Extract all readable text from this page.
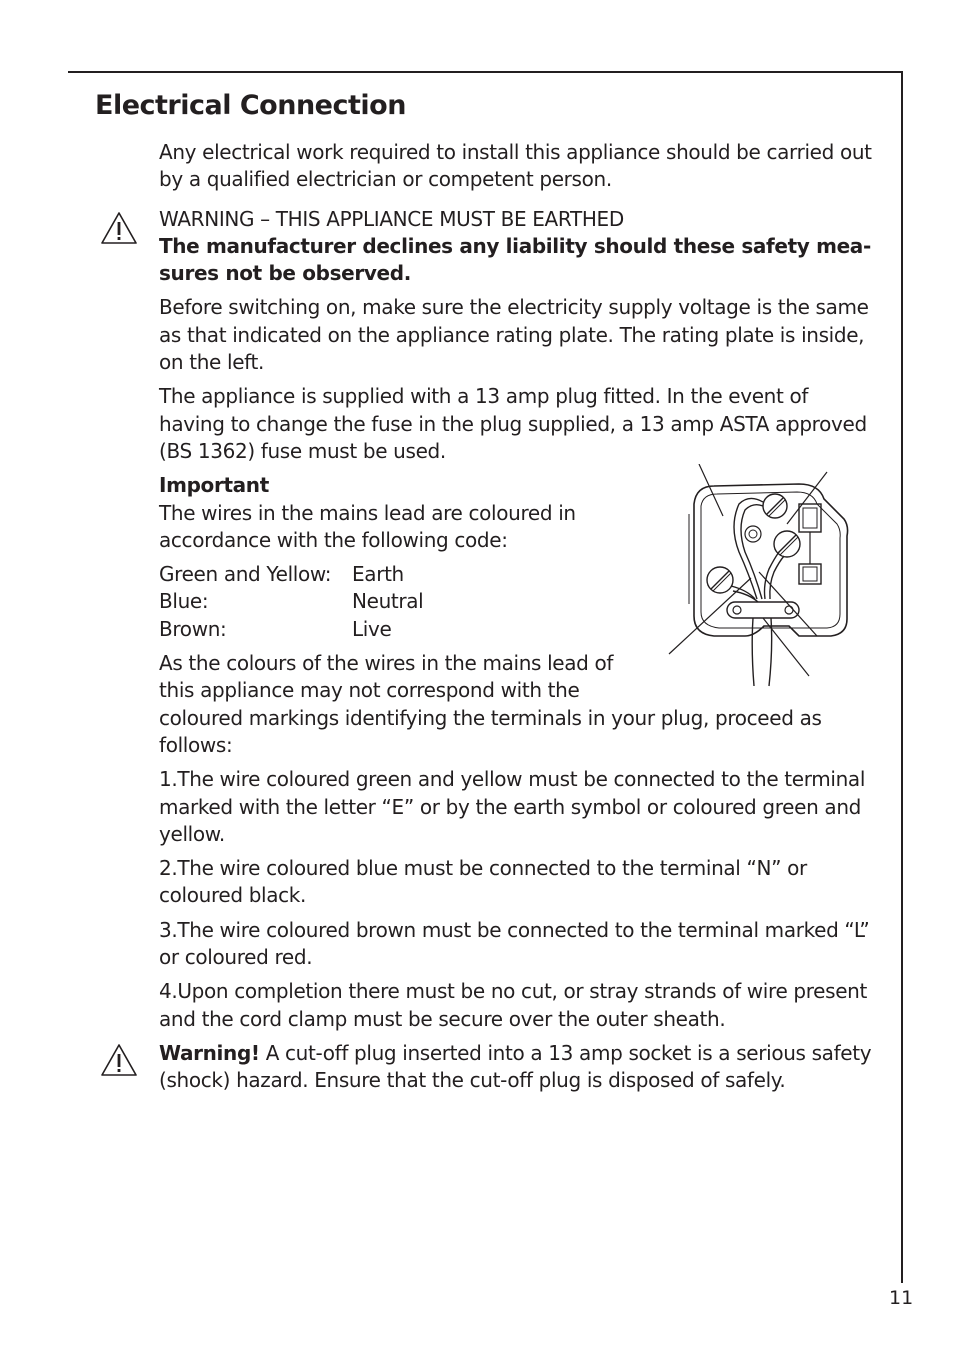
Electrical Connection

Any electrical work required to install this appliance should be carried out by a qualified electrician or competent person.

WARNING – THIS APPLIANCE MUST BE EARTHED

The manufacturer declines any liability should these safety measures not be observed.

Before switching on, make sure the electricity supply voltage is the same as that indicated on the appliance rating plate. The rating plate is inside, on the left.

The appliance is supplied with a 13 amp plug fitted. In the event of having to change the fuse in the plug supplied, a 13 amp ASTA approved (BS 1362) fuse must be used.

Important

The wires in the mains lead are coloured in accordance with the following code:

Green and Yellow:	Earth
Blue:	Neutral
Brown:	Live

As the colours of the wires in the mains lead of this appliance may not correspond with the coloured markings identifying the terminals in your plug, proceed as follows:

1.The wire coloured green and yellow must be connected to the terminal marked with the letter “E” or by the earth symbol or coloured green and yellow.

2.The wire coloured blue must be connected to the terminal “N” or coloured black.

3.The wire coloured brown must be connected to the terminal marked “L” or coloured red.

4.Upon completion there must be no cut, or stray strands of wire present and the cord clamp must be secure over the outer sheath.

Warning! A cut-off plug inserted into a 13 amp socket is a serious safety (shock) hazard. Ensure that the cut-off plug is disposed of safely.

11
